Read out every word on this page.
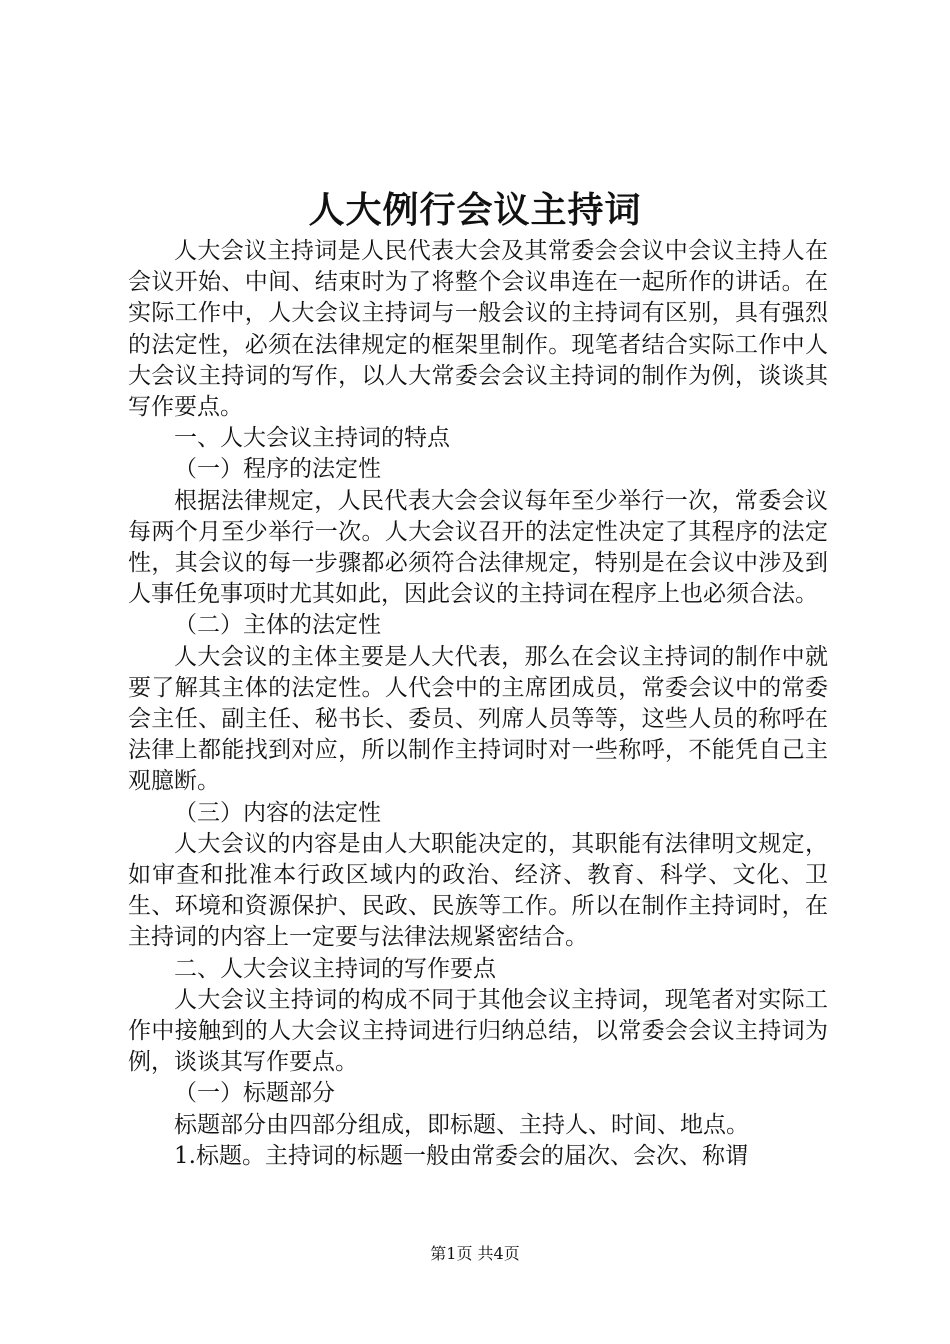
人大例行会议主持词

人大会议主持词是人民代表大会及其常委会会议中会议主持人在会议开始、中间、结束时为了将整个会议串连在一起所作的讲话。在实际工作中，人大会议主持词与一般会议的主持词有区别，具有强烈的法定性，必须在法律规定的框架里制作。现笔者结合实际工作中人大会议主持词的写作，以人大常委会会议主持词的制作为例，谈谈其写作要点。

一、人大会议主持词的特点

（一）程序的法定性

根据法律规定，人民代表大会会议每年至少举行一次，常委会议每两个月至少举行一次。人大会议召开的法定性决定了其程序的法定性，其会议的每一步骤都必须符合法律规定，特别是在会议中涉及到人事任免事项时尤其如此，因此会议的主持词在程序上也必须合法。

（二）主体的法定性

人大会议的主体主要是人大代表，那么在会议主持词的制作中就要了解其主体的法定性。人代会中的主席团成员，常委会议中的常委会主任、副主任、秘书长、委员、列席人员等等，这些人员的称呼在法律上都能找到对应，所以制作主持词时对一些称呼，不能凭自己主观臆断。

（三）内容的法定性

人大会议的内容是由人大职能决定的，其职能有法律明文规定，如审查和批准本行政区域内的政治、经济、教育、科学、文化、卫生、环境和资源保护、民政、民族等工作。所以在制作主持词时，在主持词的内容上一定要与法律法规紧密结合。

二、人大会议主持词的写作要点

人大会议主持词的构成不同于其他会议主持词，现笔者对实际工作中接触到的人大会议主持词进行归纳总结，以常委会会议主持词为例，谈谈其写作要点。

（一）标题部分

标题部分由四部分组成，即标题、主持人、时间、地点。

1.标题。主持词的标题一般由常委会的届次、会次、称谓

第1页 共4页
